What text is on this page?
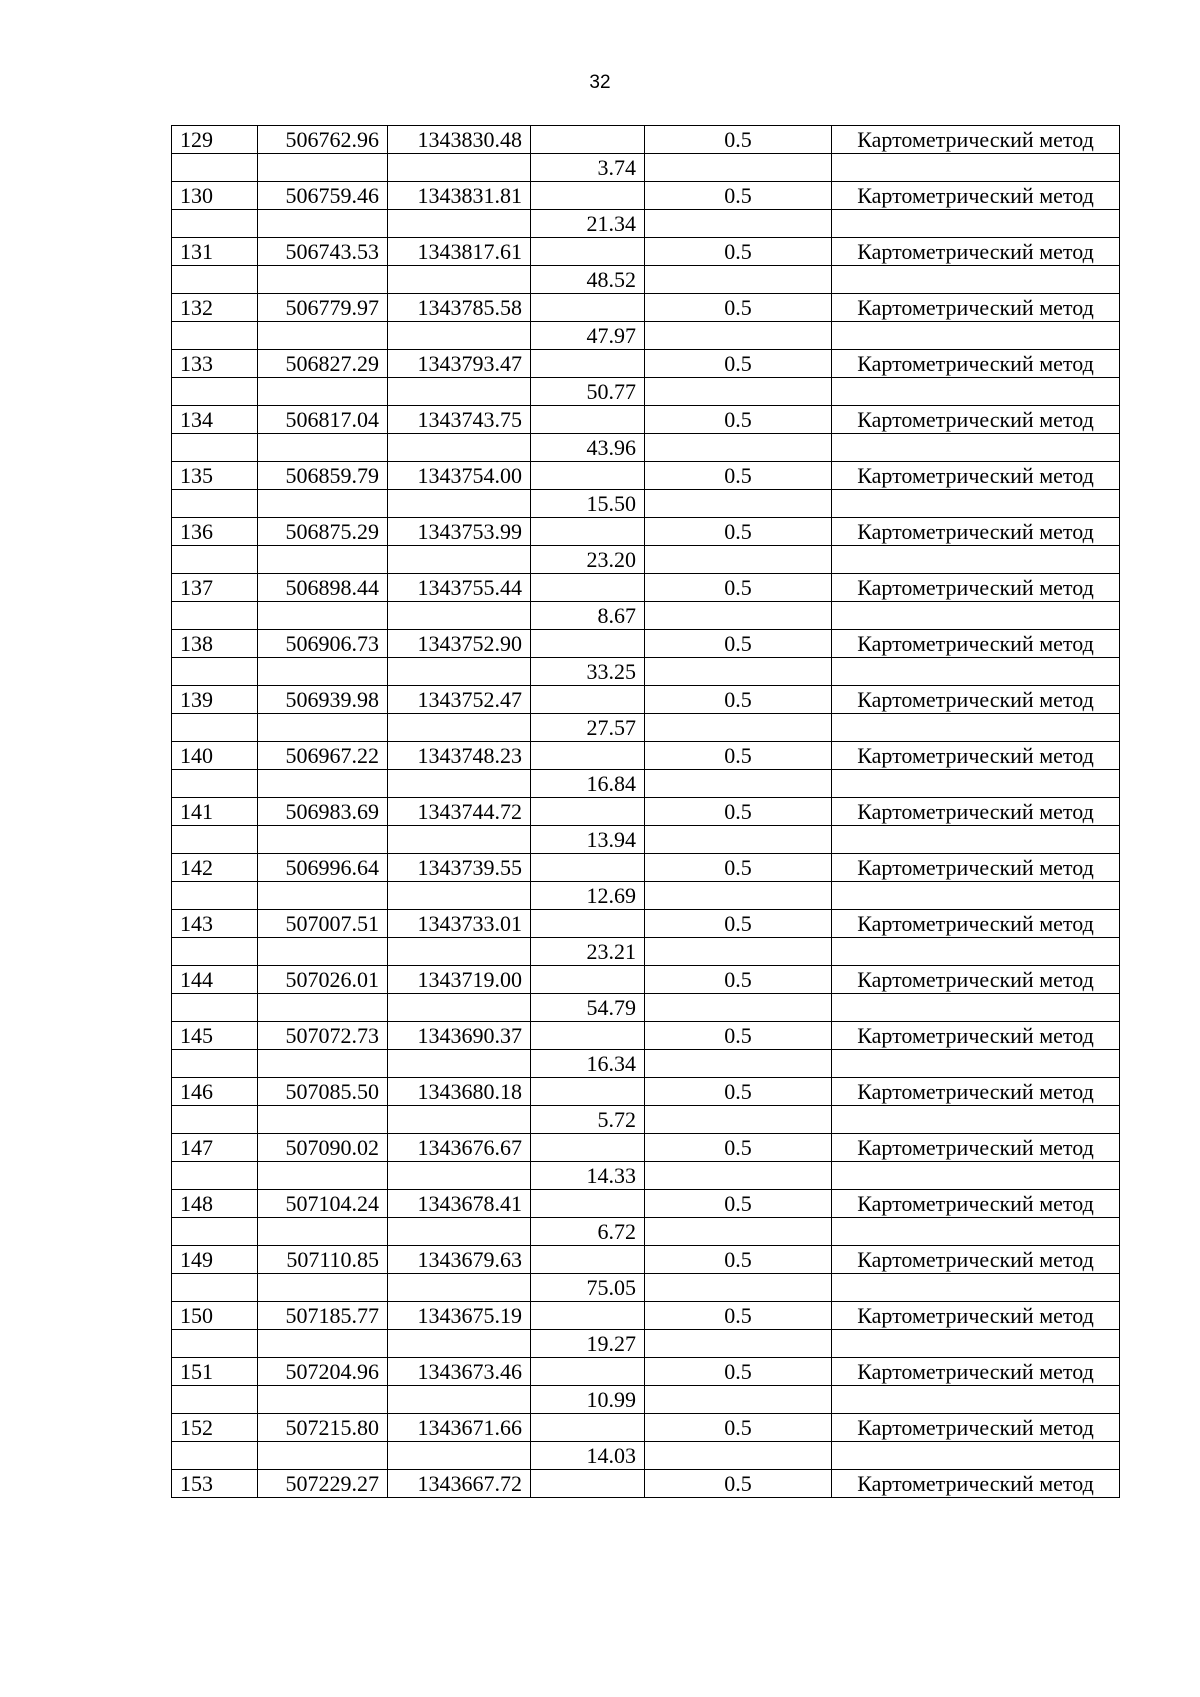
32
129	506762.96	1343830.48		0.5	Картометрический метод
			3.74		
130	506759.46	1343831.81		0.5	Картометрический метод
			21.34		
131	506743.53	1343817.61		0.5	Картометрический метод
			48.52		
132	506779.97	1343785.58		0.5	Картометрический метод
			47.97		
133	506827.29	1343793.47		0.5	Картометрический метод
			50.77		
134	506817.04	1343743.75		0.5	Картометрический метод
			43.96		
135	506859.79	1343754.00		0.5	Картометрический метод
			15.50		
136	506875.29	1343753.99		0.5	Картометрический метод
			23.20		
137	506898.44	1343755.44		0.5	Картометрический метод
			8.67		
138	506906.73	1343752.90		0.5	Картометрический метод
			33.25		
139	506939.98	1343752.47		0.5	Картометрический метод
			27.57		
140	506967.22	1343748.23		0.5	Картометрический метод
			16.84		
141	506983.69	1343744.72		0.5	Картометрический метод
			13.94		
142	506996.64	1343739.55		0.5	Картометрический метод
			12.69		
143	507007.51	1343733.01		0.5	Картометрический метод
			23.21		
144	507026.01	1343719.00		0.5	Картометрический метод
			54.79		
145	507072.73	1343690.37		0.5	Картометрический метод
			16.34		
146	507085.50	1343680.18		0.5	Картометрический метод
			5.72		
147	507090.02	1343676.67		0.5	Картометрический метод
			14.33		
148	507104.24	1343678.41		0.5	Картометрический метод
			6.72		
149	507110.85	1343679.63		0.5	Картометрический метод
			75.05		
150	507185.77	1343675.19		0.5	Картометрический метод
			19.27		
151	507204.96	1343673.46		0.5	Картометрический метод
			10.99		
152	507215.80	1343671.66		0.5	Картометрический метод
			14.03		
153	507229.27	1343667.72		0.5	Картометрический метод
